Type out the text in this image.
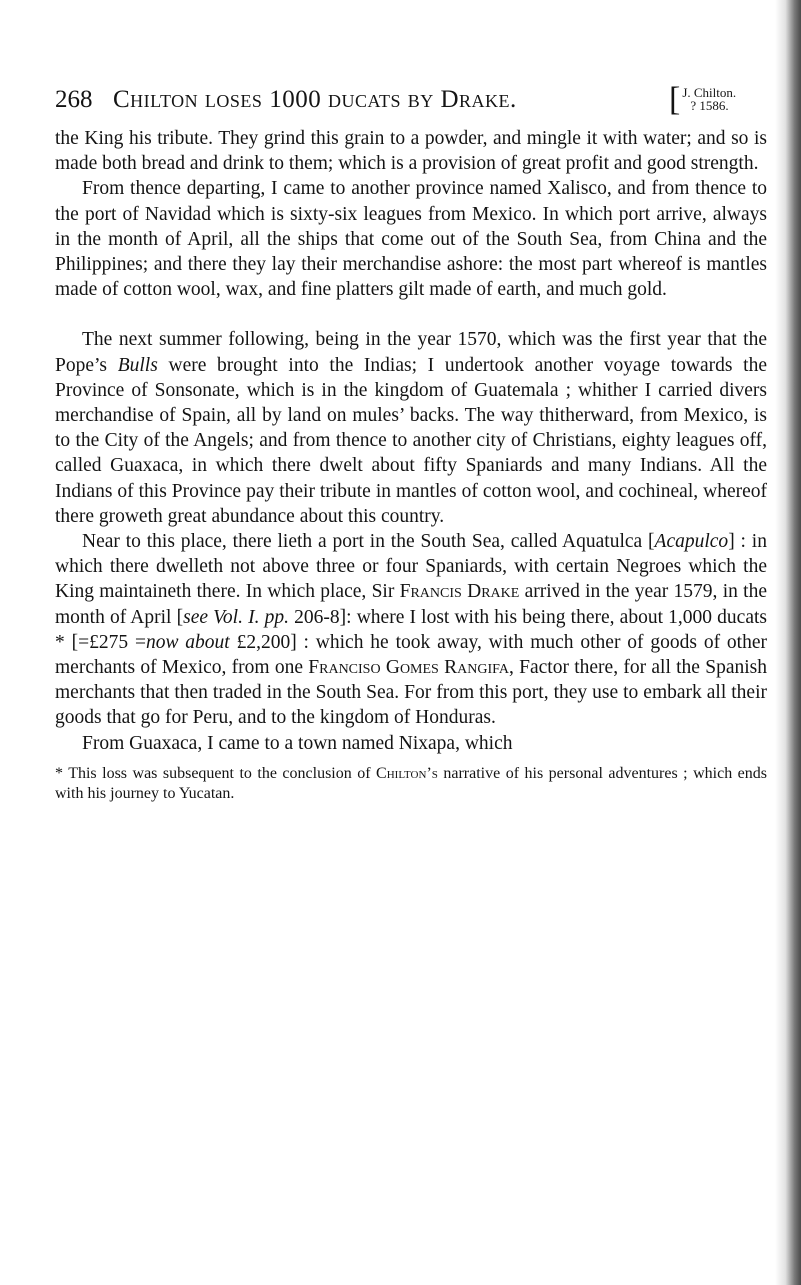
268 Chilton loses 1000 ducats by Drake.	[ J. Chilton.
? 1586.

the King his tribute. They grind this grain to a powder, and mingle it with water; and so is made both bread and drink to them; which is a provision of great profit and good strength.

From thence departing, I came to another province named Xalisco, and from thence to the port of Navidad which is sixty-six leagues from Mexico. In which port arrive, always in the month of April, all the ships that come out of the South Sea, from China and the Philippines; and there they lay their merchandise ashore: the most part whereof is mantles made of cotton wool, wax, and fine platters gilt made of earth, and much gold.

The next summer following, being in the year 1570, which was the first year that the Pope’s Bulls were brought into the Indias; I undertook another voyage towards the Province of Sonsonate, which is in the kingdom of Guatemala ; whither I carried divers merchandise of Spain, all by land on mules’ backs. The way thitherward, from Mexico, is to the City of the Angels; and from thence to another city of Christians, eighty leagues off, called Guaxaca, in which there dwelt about fifty Spaniards and many Indians. All the Indians of this Province pay their tribute in mantles of cotton wool, and cochineal, whereof there groweth great abundance about this country.

Near to this place, there lieth a port in the South Sea, called Aquatulca [Acapulco] : in which there dwelleth not above three or four Spaniards, with certain Negroes which the King maintaineth there. In which place, Sir Francis Drake arrived in the year 1579, in the month of April [see Vol. I. pp. 206-8]: where I lost with his being there, about 1,000 ducats * [=£275 =now about £2,200] : which he took away, with much other of goods of other merchants of Mexico, from one Franciso Gomes Rangifa, Factor there, for all the Spanish merchants that then traded in the South Sea. For from this port, they use to embark all their goods that go for Peru, and to the kingdom of Honduras.

From Guaxaca, I came to a town named Nixapa, which

* This loss was subsequent to the conclusion of Chilton’s narrative of his personal adventures ; which ends with his journey to Yucatan.
